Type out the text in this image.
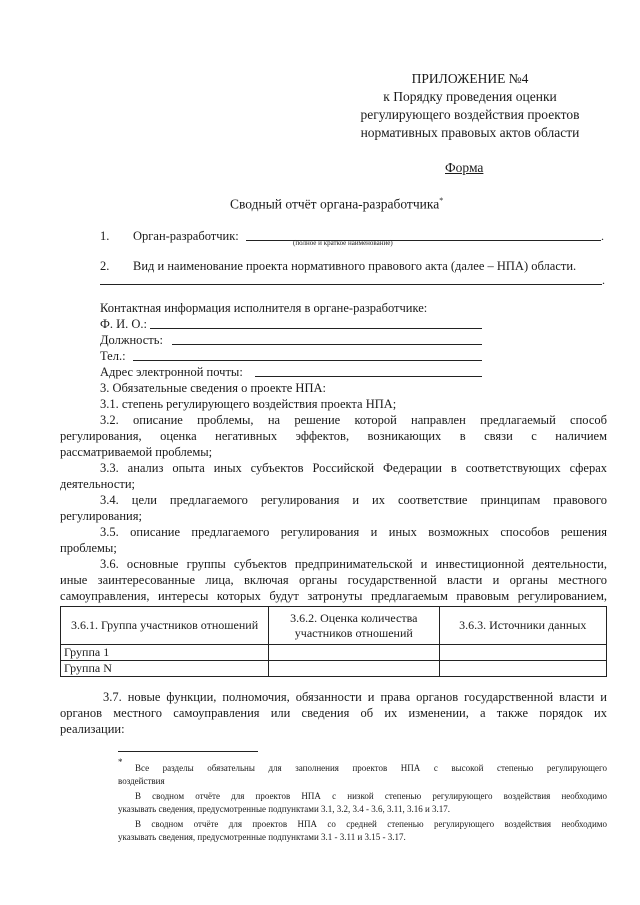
ПРИЛОЖЕНИЕ №4
к Порядку проведения оценки
регулирующего воздействия проектов
нормативных правовых актов области
Форма
Сводный отчёт органа-разработчика*
1. Орган-разработчик:	.
(полное и краткое наименование)
2. Вид и наименование проекта нормативного правового акта (далее – НПА) области.
.
Контактная информация исполнителя в органе-разработчике:
Ф. И. О.:
Должность:
Тел.:
Адрес электронной почты:
3. Обязательные сведения о проекте НПА:
3.1. степень регулирующего воздействия проекта НПА;
3.2. описание проблемы, на решение которой направлен предлагаемый способ
регулирования, оценка негативных эффектов, возникающих в связи с наличием
рассматриваемой проблемы;
3.3. анализ опыта иных субъектов Российской Федерации в соответствующих сферах
деятельности;
3.4. цели предлагаемого регулирования и их соответствие принципам правового
регулирования;
3.5. описание предлагаемого регулирования и иных возможных способов решения
проблемы;
3.6. основные группы субъектов предпринимательской и инвестиционной деятельности,
иные заинтересованные лица, включая органы государственной власти и органы местного
самоуправления, интересы которых будут затронуты предлагаемым правовым регулированием,
3.6.1. Группа участников отношений	3.6.2. Оценка количества участников отношений	3.6.3. Источники данных
Группа 1		
Группа N		
3.7. новые функции, полномочия, обязанности и права органов государственной власти и
органов местного самоуправления или сведения об их изменении, а также порядок их
реализации:
*
Все разделы обязательны для заполнения проектов НПА с высокой степенью регулирующего
воздействия
В сводном отчёте для проектов НПА с низкой степенью регулирующего воздействия необходимо
указывать сведения, предусмотренные подпунктами 3.1, 3.2, 3.4 - 3.6, 3.11, 3.16 и 3.17.
В сводном отчёте для проектов НПА со средней степенью регулирующего воздействия необходимо
указывать сведения, предусмотренные подпунктами 3.1 - 3.11 и 3.15 - 3.17.
